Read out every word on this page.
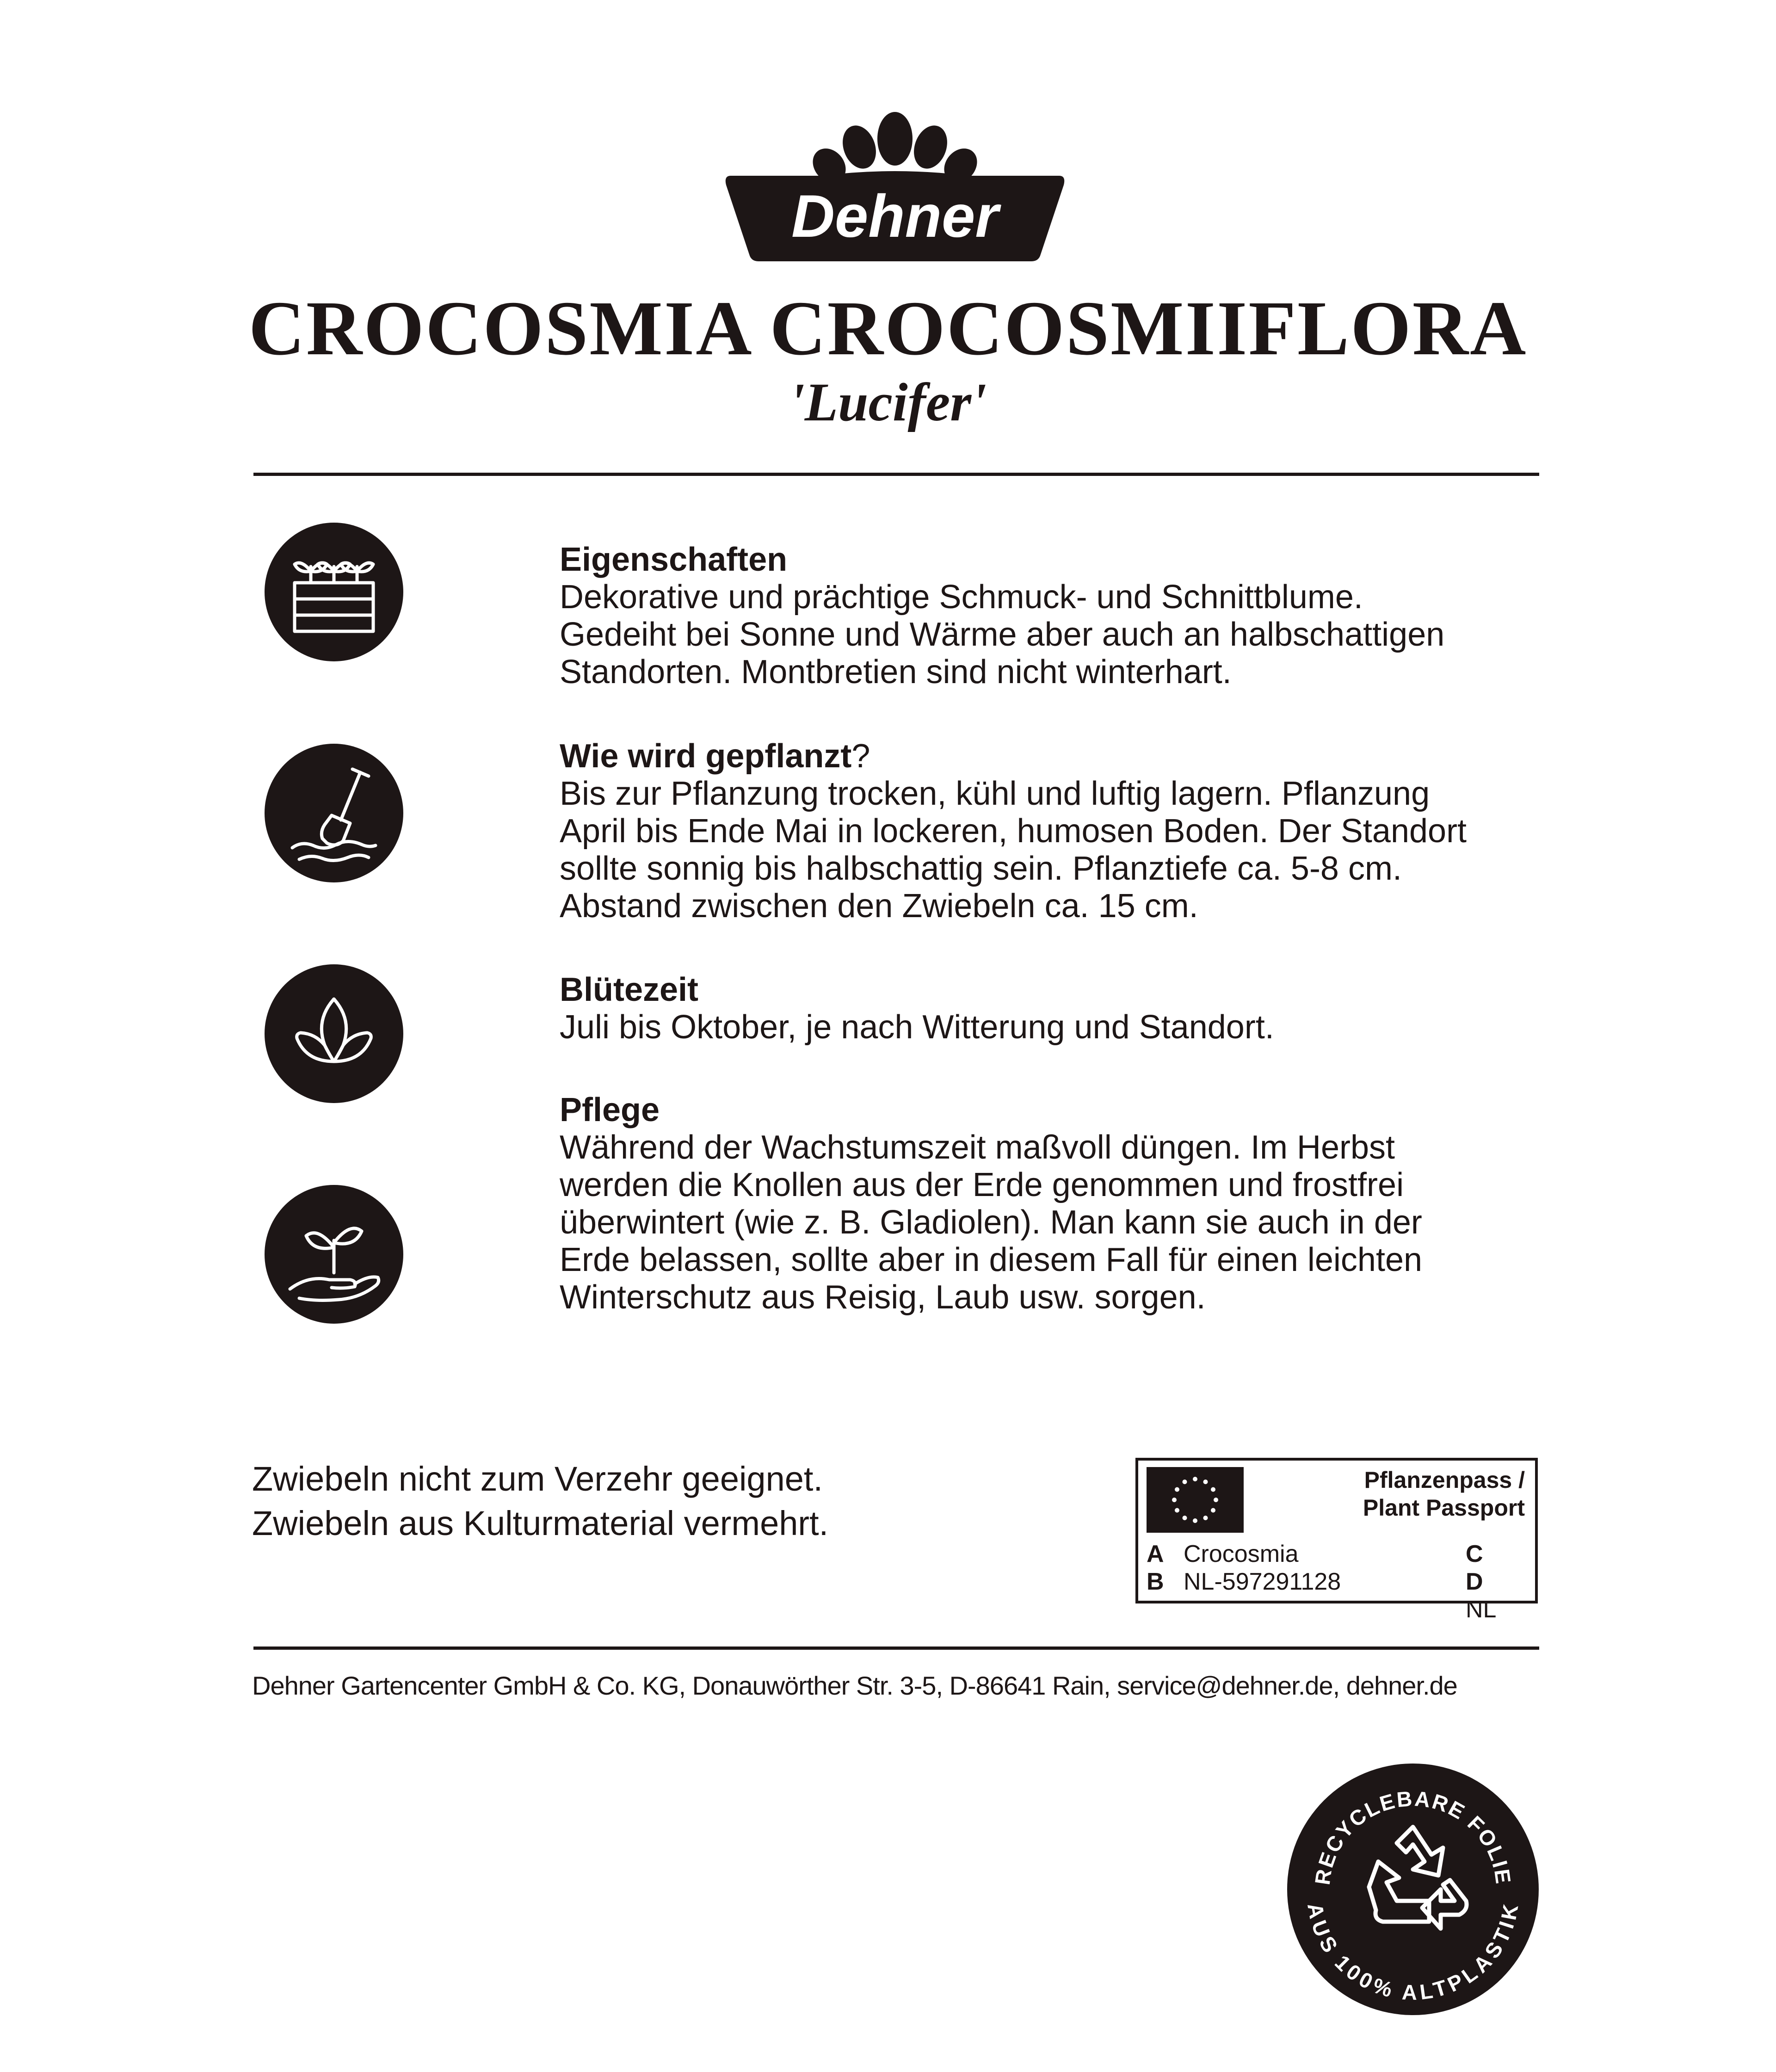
Dehner
CROCOSMIA CROCOSMIIFLORA
'Lucifer'
Eigenschaften

Dekorative und prächtige Schmuck- und Schnittblume.

Gedeiht bei Sonne und Wärme aber auch an halbschattigen

Standorten. Montbretien sind nicht winterhart.

Wie wird gepflanzt?

Bis zur Pflanzung trocken, kühl und luftig lagern. Pflanzung

April bis Ende Mai in lockeren, humosen Boden. Der Standort

sollte sonnig bis halbschattig sein. Pflanztiefe ca. 5-8 cm.

Abstand zwischen den Zwiebeln ca. 15 cm.

Blütezeit

Juli bis Oktober, je nach Witterung und Standort.

Pflege

Während der Wachstumszeit maßvoll düngen. Im Herbst

werden die Knollen aus der Erde genommen und frostfrei

überwintert (wie z. B. Gladiolen). Man kann sie auch in der

Erde belassen, sollte aber in diesem Fall für einen leichten

Winterschutz aus Reisig, Laub usw. sorgen.

Zwiebeln nicht zum Verzehr geeignet.
Zwiebeln aus Kulturmaterial vermehrt.
Pflanzenpass /
Plant Passport
A Crocosmia	C
B NL-597291128	DNL
Dehner Gartencenter GmbH & Co. KG, Donauwörther Str. 3-5, D-86641 Rain, service@dehner.de, dehner.de
RECYCLEBARE FOLIE
AUS 100% ALTPLASTIK
